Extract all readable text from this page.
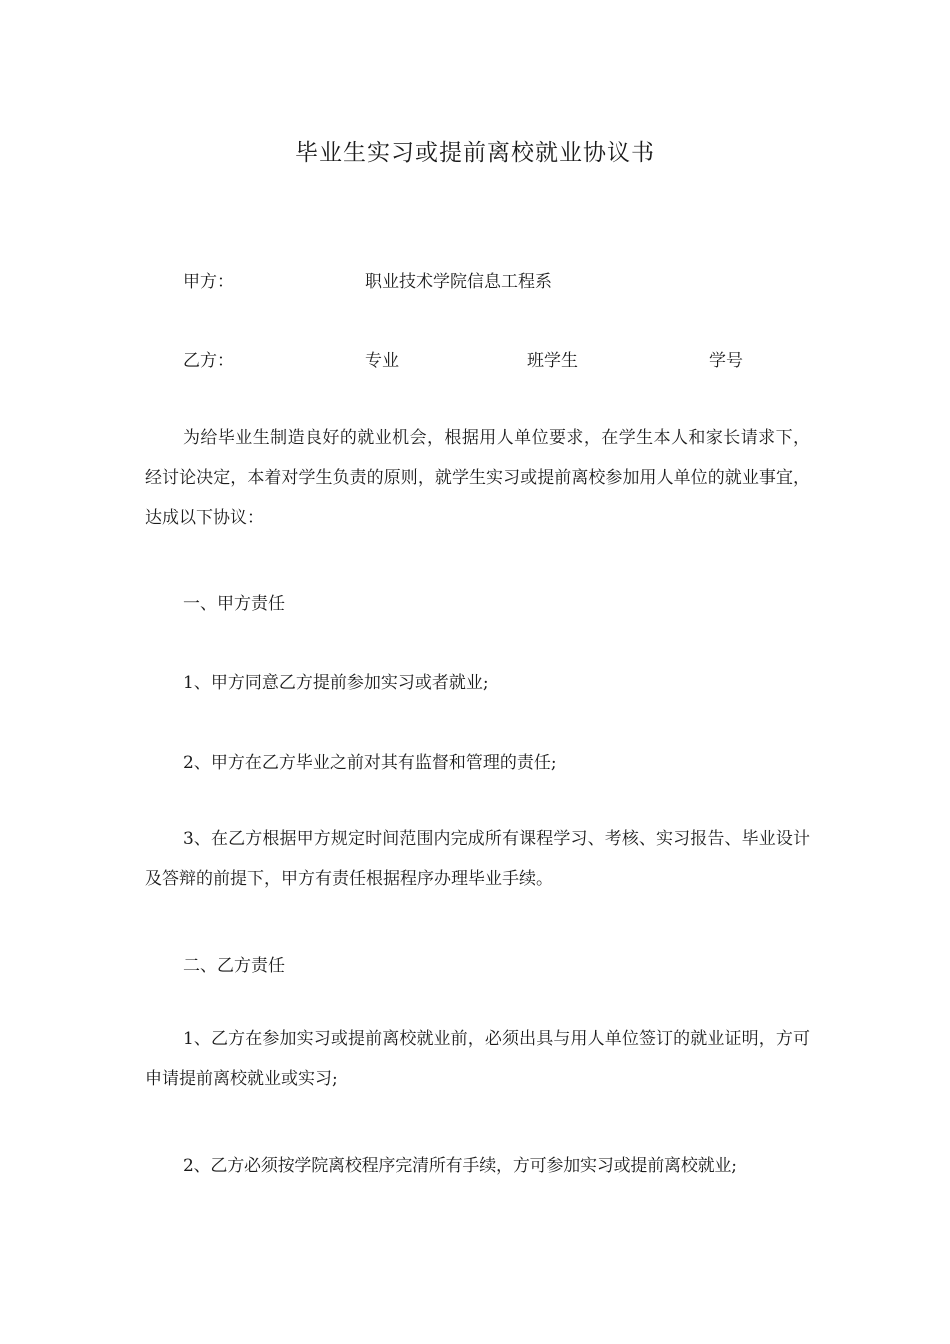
毕业生实习或提前离校就业协议书
甲方：	职业技术学院信息工程系
乙方：	专业	班学生	学号
为给毕业生制造良好的就业机会，根据用人单位要求，在学生本人和家长请求下，经讨论决定，本着对学生负责的原则，就学生实习或提前离校参加用人单位的就业事宜，达成以下协议：
一、甲方责任
1、甲方同意乙方提前参加实习或者就业;
2、甲方在乙方毕业之前对其有监督和管理的责任;
3、在乙方根据甲方规定时间范围内完成所有课程学习、考核、实习报告、毕业设计及答辩的前提下，甲方有责任根据程序办理毕业手续。
二、乙方责任
1、乙方在参加实习或提前离校就业前，必须出具与用人单位签订的就业证明，方可申请提前离校就业或实习;
2、乙方必须按学院离校程序完清所有手续，方可参加实习或提前离校就业;
